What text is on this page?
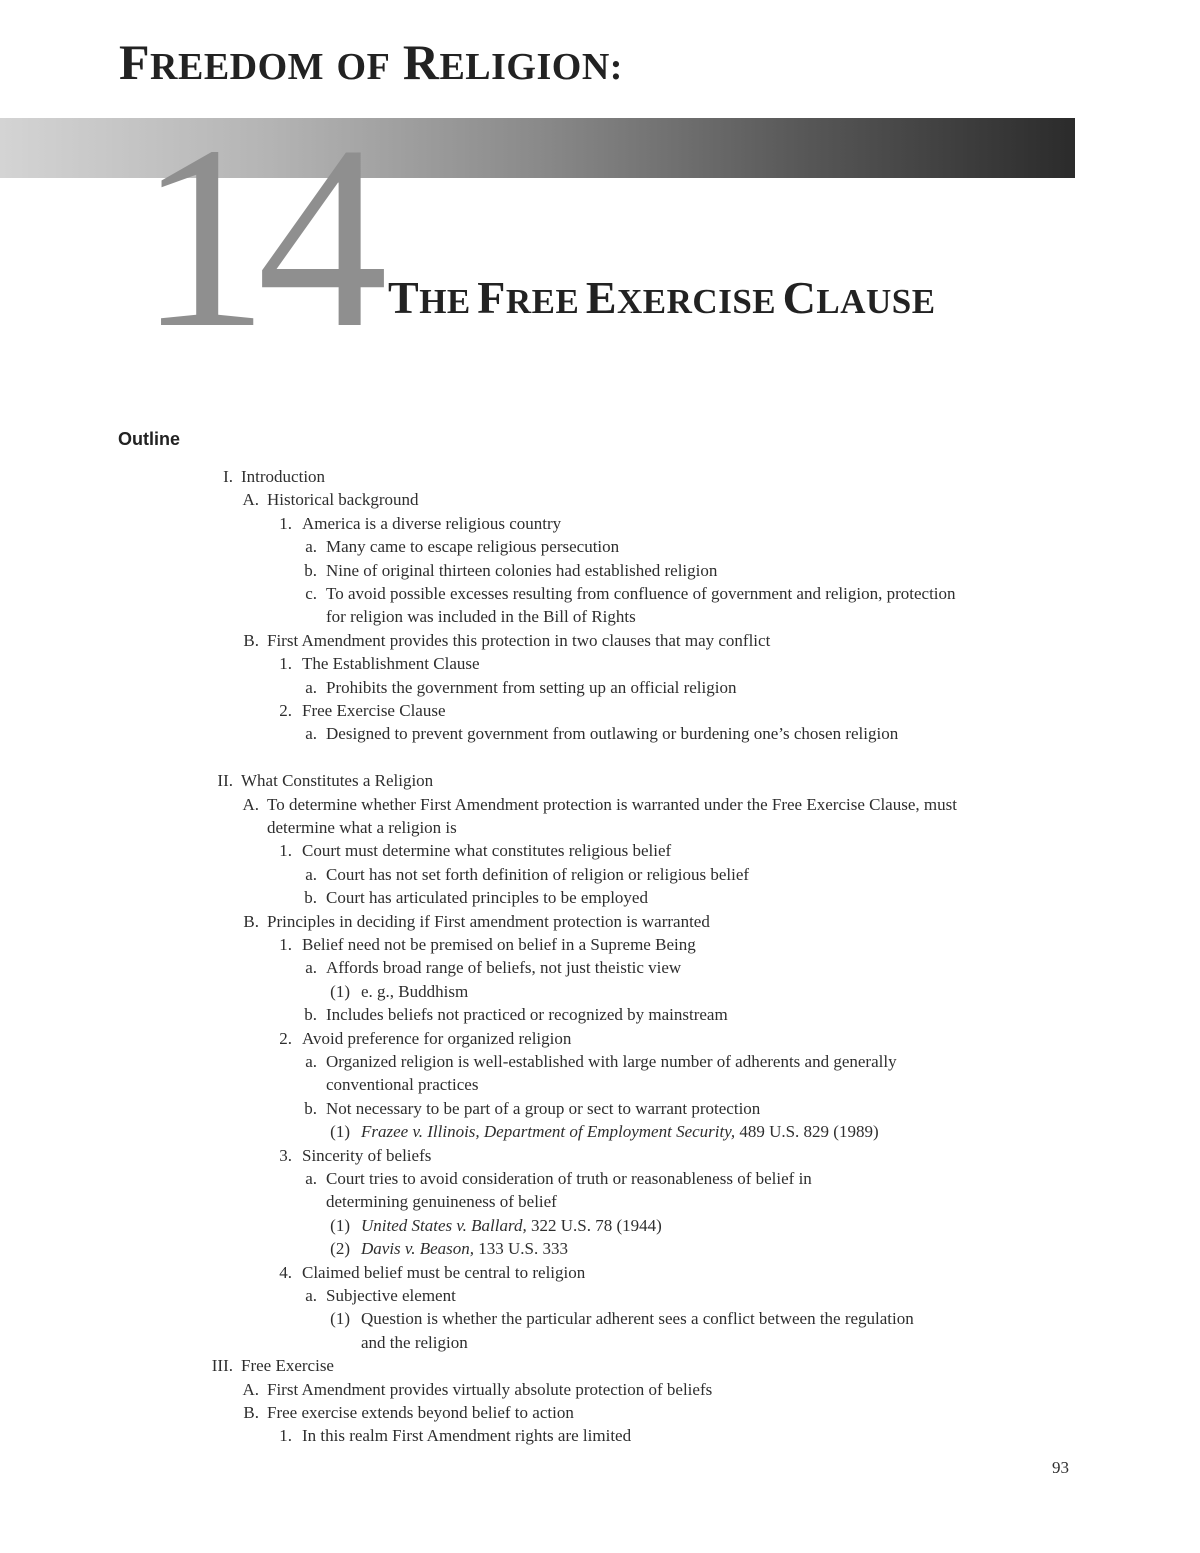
FREEDOM OF RELIGION:
14 THE FREE EXERCISE CLAUSE
Outline
I. Introduction
A. Historical background
1. America is a diverse religious country
a. Many came to escape religious persecution
b. Nine of original thirteen colonies had established religion
c. To avoid possible excesses resulting from confluence of government and religion, protection
for religion was included in the Bill of Rights
B. First Amendment provides this protection in two clauses that may conflict
1. The Establishment Clause
a. Prohibits the government from setting up an official religion
2. Free Exercise Clause
a. Designed to prevent government from outlawing or burdening one’s chosen religion
II. What Constitutes a Religion
A. To determine whether First Amendment protection is warranted under the Free Exercise Clause, must
determine what a religion is
1. Court must determine what constitutes religious belief
a. Court has not set forth definition of religion or religious belief
b. Court has articulated principles to be employed
B. Principles in deciding if First amendment protection is warranted
1. Belief need not be premised on belief in a Supreme Being
a. Affords broad range of beliefs, not just theistic view
(1) e. g., Buddhism
b. Includes beliefs not practiced or recognized by mainstream
2. Avoid preference for organized religion
a. Organized religion is well-established with large number of adherents and generally
conventional practices
b. Not necessary to be part of a group or sect to warrant protection
(1) Frazee v. Illinois, Department of Employment Security, 489 U.S. 829 (1989)
3. Sincerity of beliefs
a. Court tries to avoid consideration of truth or reasonableness of belief in
determining genuineness of belief
(1) United States v. Ballard, 322 U.S. 78 (1944)
(2) Davis v. Beason, 133 U.S. 333
4. Claimed belief must be central to religion
a. Subjective element
(1) Question is whether the particular adherent sees a conflict between the regulation
and the religion
III. Free Exercise
A. First Amendment provides virtually absolute protection of beliefs
B. Free exercise extends beyond belief to action
1. In this realm First Amendment rights are limited
93
